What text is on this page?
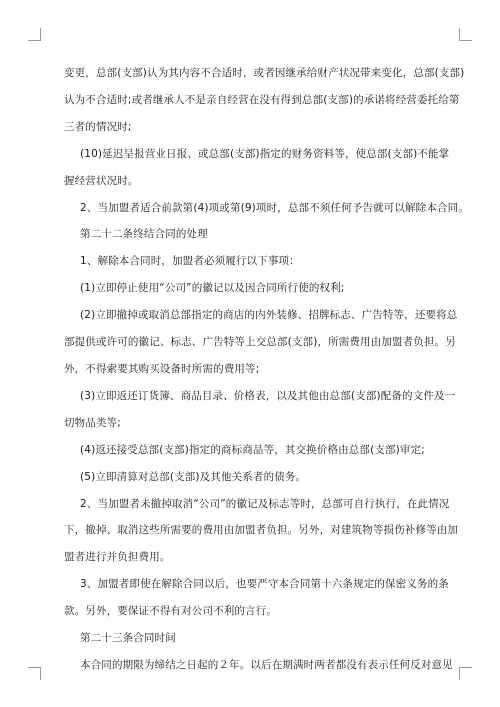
变更，总部(支部)认为其内容不合适时，或者因继承给财产状况带来变化，总部(支部)
认为不合适时;或者继承人不是亲自经营在没有得到总部(支部)的承诺将经营委托给第
三者的情况时;
(10)延迟呈报营业日报、或总部(支部)指定的财务资料等，使总部(支部)不能掌
握经营状况时。
2、当加盟者适合前款第(4)项或第(9)项时，总部不须任何予告就可以解除本合同。
第二十二条终结合同的处理
1、解除本合同时，加盟者必须履行以下事项：
(1)立即停止使用“公司”的徽记以及因合同所行使的权利;
(2)立即撤掉或取消总部指定的商店的内外装修、招牌标志、广告特等，还要将总
部提供或许可的徽记、标志、广告特等上交总部(支部)，所需费用由加盟者负担。另
外，不得索要其购买设备时所需的费用等;
(3)立即返还订货簿、商品目录、价格表，以及其他由总部(支部)配备的文件及一
切物品类等;
(4)返还接受总部(支部)指定的商标商品等，其交换价格由总部(支部)审定;
(5)立即清算对总部(支部)及其他关系者的债务。
2、当加盟者未撤掉取消“公司”的徽记及标志等时，总部可自行执行，在此情况
下，撤掉、取消这些所需要的费用由加盟者负担。另外，对建筑物等损伤补修等由加
盟者进行并负担费用。
3、加盟者即使在解除合同以后，也要严守本合同第十六条规定的保密义务的条
款。另外，要保证不得有对公司不利的言行。
第二十三条合同时间
本合同的期限为缔结之日起的２年。以后在期满时两者都没有表示任何反对意见
